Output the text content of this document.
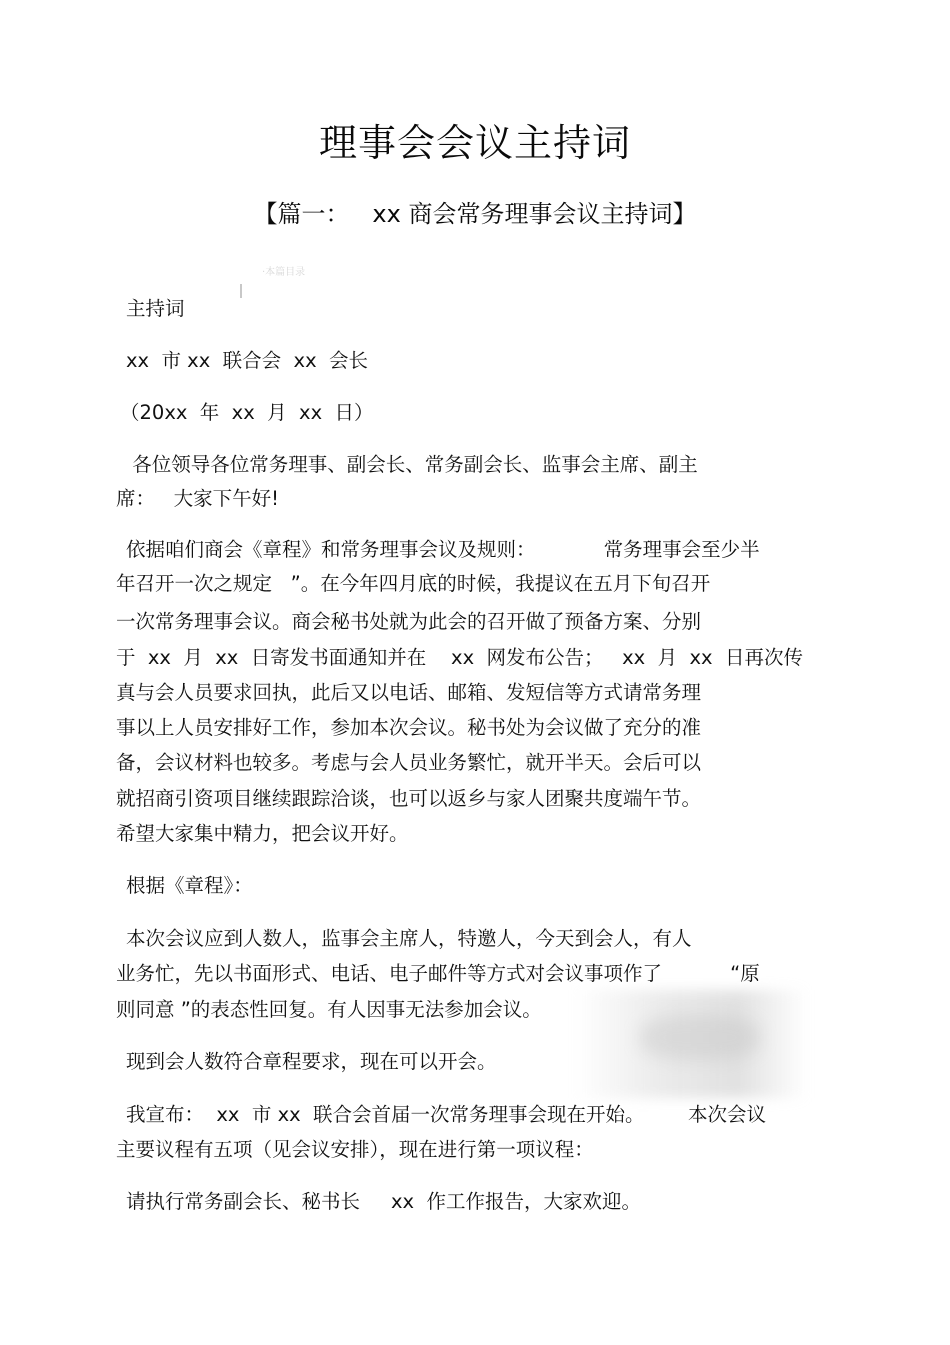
理事会会议主持词
【篇一：   xx 商会常务理事会议主持词】
·本篇目录
主持词
xx  市 xx  联合会  xx  会长
（20xx  年  xx  月  xx  日）
各位领导各位常务理事、副会长、常务副会长、监事会主席、副主
席：   大家下午好!
依据咱们商会《章程》和常务理事会议及规则：           常务理事会至少半
年召开一次之规定   ”。在今年四月底的时候，我提议在五月下旬召开
一次常务理事会议。商会秘书处就为此会的召开做了预备方案、分别
于  xx  月  xx  日寄发书面通知并在    xx  网发布公告；   xx  月  xx  日再次传
真与会人员要求回执，此后又以电话、邮箱、发短信等方式请常务理
事以上人员安排好工作，参加本次会议。秘书处为会议做了充分的准
备，会议材料也较多。考虑与会人员业务繁忙，就开半天。会后可以
就招商引资项目继续跟踪洽谈，也可以返乡与家人团聚共度端午节。
希望大家集中精力，把会议开好。
根据《章程》：
本次会议应到人数人，监事会主席人，特邀人，今天到会人，有人
业务忙，先以书面形式、电话、电子邮件等方式对会议事项作了           “原
则同意 ”的表态性回复。有人因事无法参加会议。
现到会人数符合章程要求，现在可以开会。
我宣布：  xx  市 xx  联合会首届一次常务理事会现在开始。       本次会议
主要议程有五项（见会议安排），现在进行第一项议程：
请执行常务副会长、秘书长     xx  作工作报告，大家欢迎。
